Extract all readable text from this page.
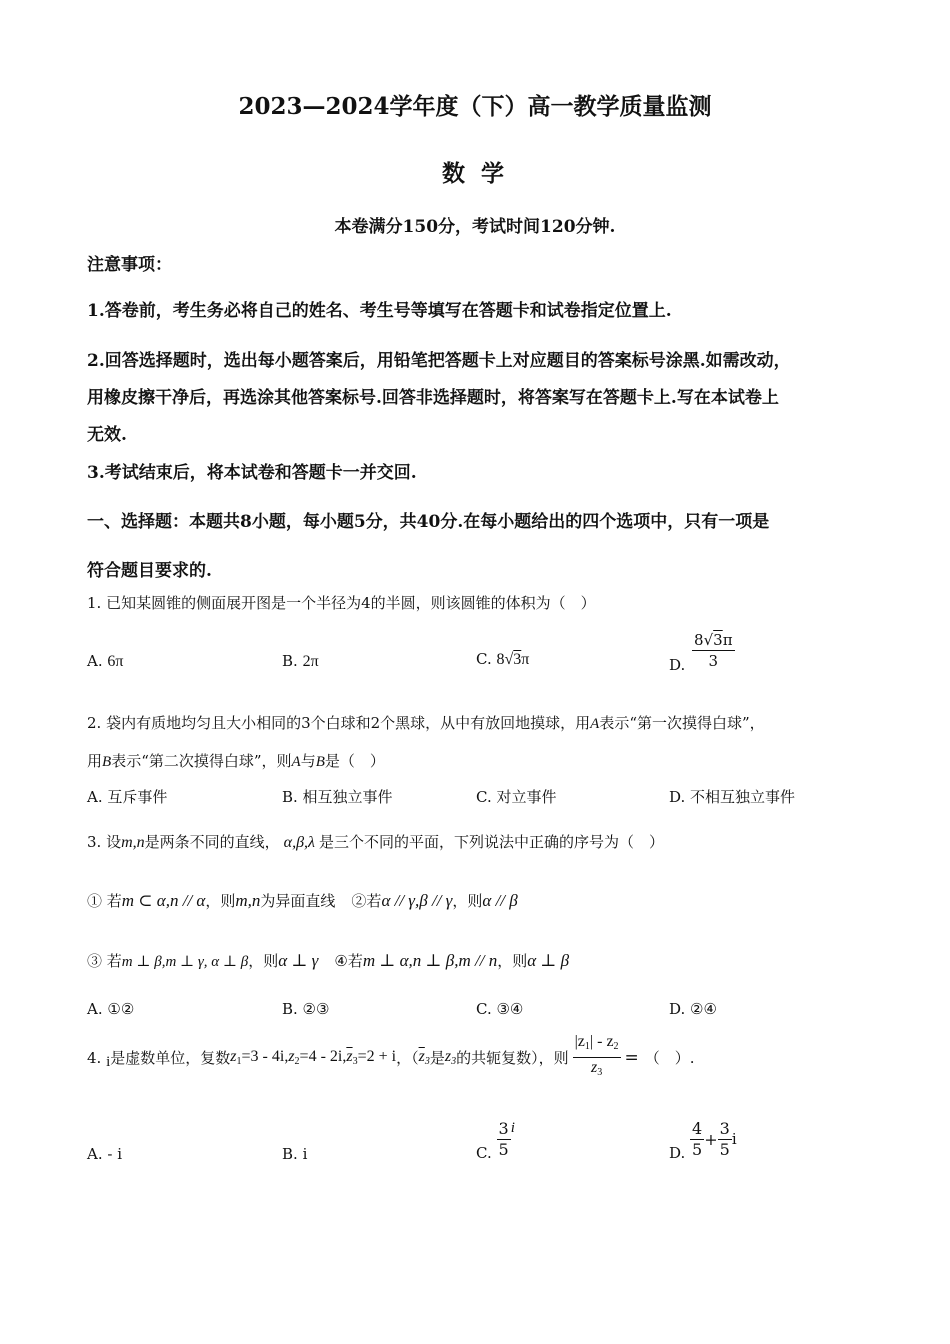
2023—2024学年度（下）高一教学质量监测
数 学
本卷满分150分，考试时间120分钟.
注意事项：
1.答卷前，考生务必将自己的姓名、考生号等填写在答题卡和试卷指定位置上.
2.回答选择题时，选出每小题答案后，用铅笔把答题卡上对应题目的答案标号涂黑.如需改动，
用橡皮擦干净后，再选涂其他答案标号.回答非选择题时，将答案写在答题卡上.写在本试卷上
无效.
3.考试结束后，将本试卷和答题卡一并交回.
一、选择题：本题共8小题，每小题5分，共40分.在每小题给出的四个选项中，只有一项是
符合题目要求的.
1. 已知某圆锥的侧面展开图是一个半径为4的半圆，则该圆锥的体积为（　）
A. 6π	B. 2π	C. 8√3π	D. $\frac{8√3\pi}{3}$
2. 袋内有质地均匀且大小相同的3个白球和2个黑球，从中有放回地摸球，用A表示“第一次摸得白球”，
用B表示“第二次摸得白球”，则A与B是（　）
A. 互斥事件	B. 相互独立事件	C. 对立事件	D. 不相互独立事件
3. 设m,n是两条不同的直线， α,β,λ 是三个不同的平面，下列说法中正确的序号为（　）
① 若m ⊂ α,n // α，则m,n为异面直线 ②若α // γ,β // γ，则α // β
③ 若m ⊥ β,m ⊥ γ, α ⊥ β，则α ⊥ γ ④若m ⊥ α,n ⊥ β,m // n，则α ⊥ β
A. ①②	B. ②③	C. ③④	D. ②④
4. i是虚数单位，复数$z_1=3 - 4i,z_2=4 - 2i,\overline{z}_3=2 + i$，（$\overline{z}_3$是$z_3$的共轭复数），则 $\frac{|z_1| - z_2}{z_3}$ = （　）.
A. - i	B. i	C. $\frac{3}{5}$ i
D. $\frac{4}{5} + \frac{3}{5}$ i
